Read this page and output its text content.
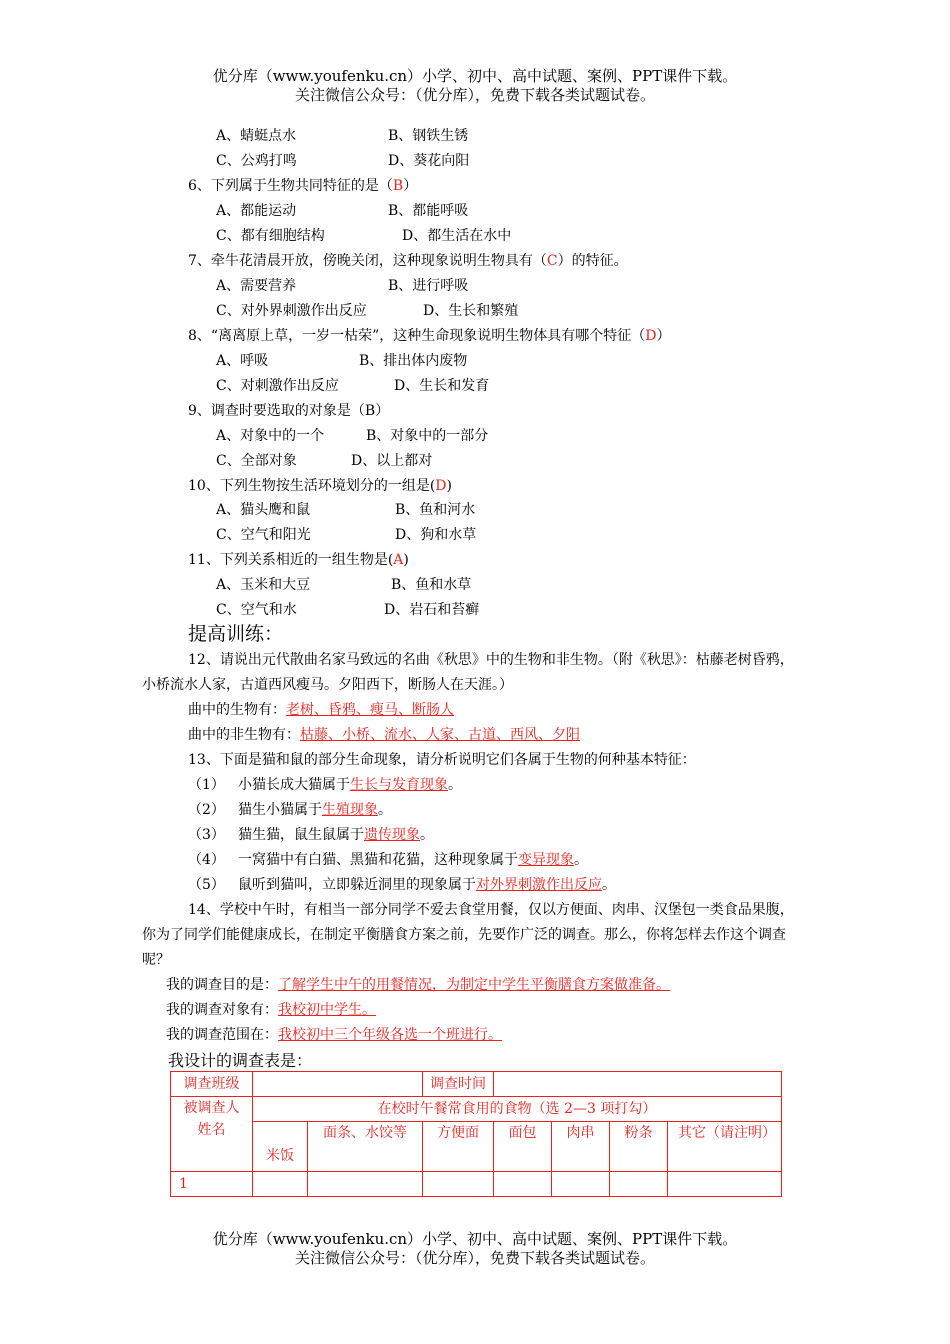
优分库（www.youfenku.cn）小学、初中、高中试题、案例、PPT课件下载。
关注微信公众号：（优分库），免费下载各类试题试卷。
A、蜻蜓点水	B、钢铁生锈
C、公鸡打鸣	D、葵花向阳
6、下列属于生物共同特征的是（B）
A、都能运动	B、都能呼吸
C、都有细胞结构	D、都生活在水中
7、牵牛花清晨开放，傍晚关闭，这种现象说明生物具有（C）的特征。
A、需要营养	B、进行呼吸
C、对外界刺激作出反应	D、生长和繁殖
8、“离离原上草，一岁一枯荣”，这种生命现象说明生物体具有哪个特征（D）
A、呼吸	B、排出体内废物
C、对刺激作出反应	D、生长和发育
9、调查时要选取的对象是（B）
A、对象中的一个	B、对象中的一部分
C、全部对象	D、以上都对
10、下列生物按生活环境划分的一组是(D)
A、猫头鹰和鼠	B、鱼和河水
C、空气和阳光	D、狗和水草
11、下列关系相近的一组生物是(A)
A、玉米和大豆	B、鱼和水草
C、空气和水	D、岩石和苔癣
提高训练：
12、请说出元代散曲名家马致远的名曲《秋思》中的生物和非生物。（附《秋思》：枯藤老树昏鸦，
小桥流水人家，古道西风瘦马。夕阳西下，断肠人在天涯。）
曲中的生物有：老树、昏鸦、瘦马、断肠人
曲中的非生物有：枯藤、小桥、流水、人家、古道、西风、夕阳
13、下面是猫和鼠的部分生命现象，请分析说明它们各属于生物的何种基本特征：
（1） 小猫长成大猫属于生长与发育现象。
（2） 猫生小猫属于生殖现象。
（3） 猫生猫，鼠生鼠属于遗传现象。
（4） 一窝猫中有白猫、黑猫和花猫，这种现象属于变异现象。
（5） 鼠听到猫叫，立即躲近洞里的现象属于对外界刺激作出反应。
14、学校中午时，有相当一部分同学不爱去食堂用餐，仅以方便面、肉串、汉堡包一类食品果腹，
你为了同学们能健康成长，在制定平衡膳食方案之前，先要作广泛的调查。那么，你将怎样去作这个调查
呢？
我的调查目的是：了解学生中午的用餐情况，为制定中学生平衡膳食方案做准备。
我的调查对象有：我校初中学生。
我的调查范围在：我校初中三个年级各选一个班进行。
我设计的调查表是：
调查班级			调查时间				

被调查人
姓名	在校时午餐常食用的食物（选 2—3 项打勾）						
	米饭	面条、水饺等	方便面	面包	肉串	粉条	其它（请注明）
1							
优分库（www.youfenku.cn）小学、初中、高中试题、案例、PPT课件下载。
关注微信公众号：（优分库），免费下载各类试题试卷。
